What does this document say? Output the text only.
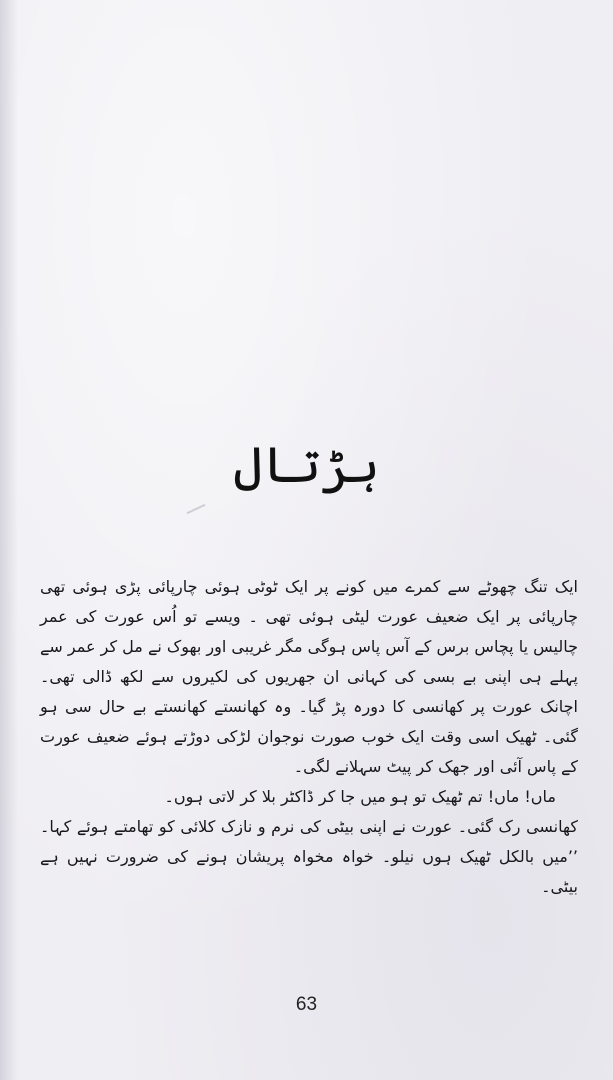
ہڑتال

ایک تنگ چھوٹے سے کمرے میں کونے پر ایک ٹوٹی ہوئی چارپائی پڑی ہوئی تھی چارپائی پر ایک ضعیف عورت لیٹی ہوئی تھی ۔ ویسے تو اُس عورت کی عمر چالیس یا پچاس برس کے آس پاس ہوگی مگر غریبی اور بھوک نے مل کر عمر سے پہلے ہی اپنی بے بسی کی کہانی ان جھریوں کی لکیروں سے لکھ ڈالی تھی۔ اچانک عورت پر کھانسی کا دورہ پڑ گیا۔ وہ کھانستے کھانستے بے حال سی ہو گئی۔ ٹھیک اسی وقت ایک خوب صورت نوجوان لڑکی دوڑتے ہوئے ضعیف عورت کے پاس آئی اور جھک کر پیٹ سہلانے لگی۔

ماں! ماں! تم ٹھیک تو ہو میں جا کر ڈاکٹر بلا کر لاتی ہوں۔

کھانسی رک گئی۔ عورت نے اپنی بیٹی کی نرم و نازک کلائی کو تھامتے ہوئے کہا۔ ’’میں بالکل ٹھیک ہوں نیلو۔ خواہ مخواہ پریشان ہونے کی ضرورت نہیں ہے بیٹی۔

63
